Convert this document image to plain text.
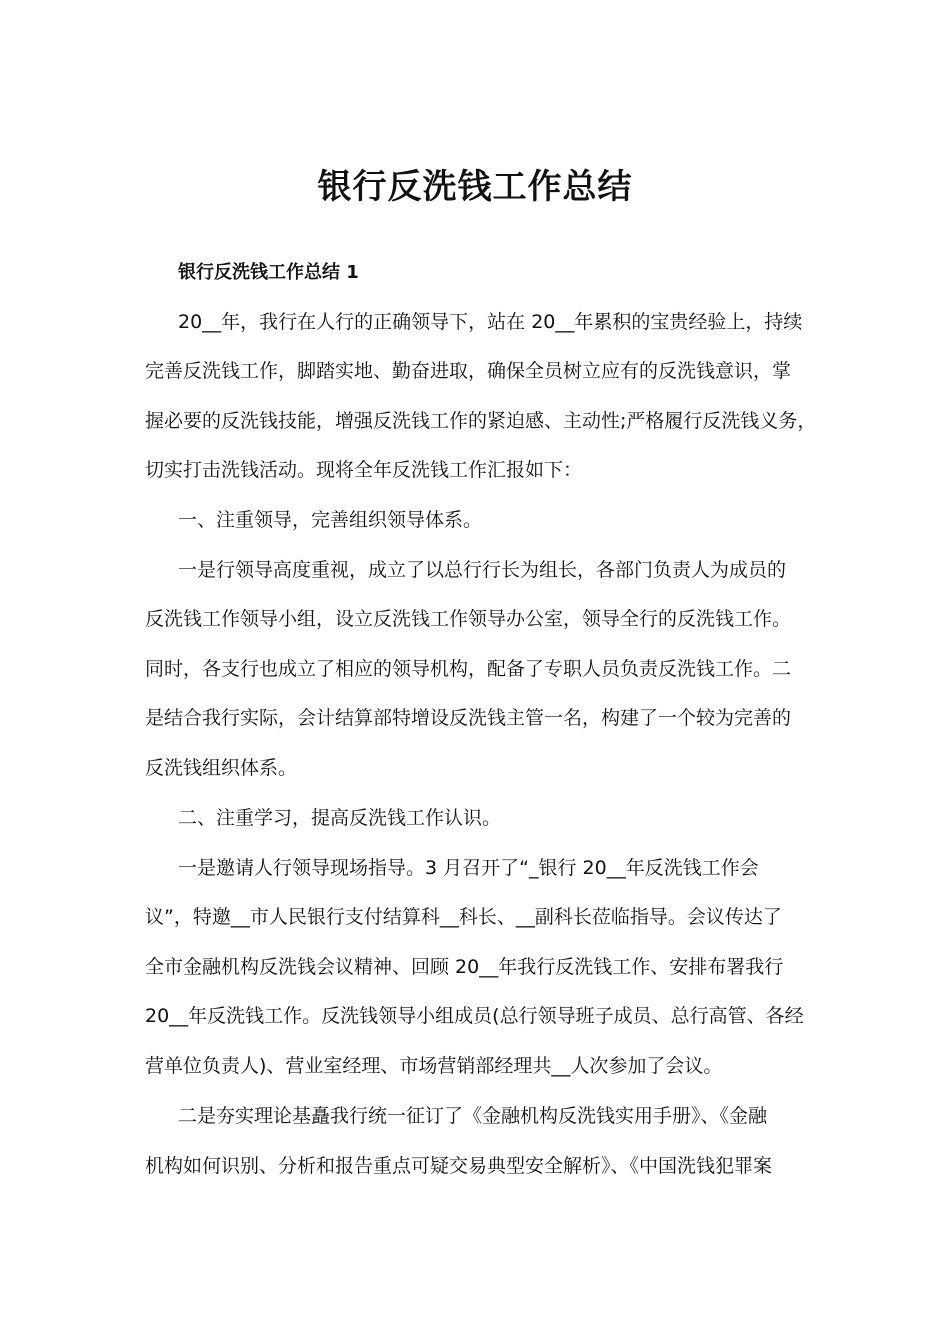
银行反洗钱工作总结
银行反洗钱工作总结 1
20__年，我行在人行的正确领导下，站在 20__年累积的宝贵经验上，持续
完善反洗钱工作，脚踏实地、勤奋进取，确保全员树立应有的反洗钱意识，掌
握必要的反洗钱技能，增强反洗钱工作的紧迫感、主动性;严格履行反洗钱义务，
切实打击洗钱活动。现将全年反洗钱工作汇报如下：
一、注重领导，完善组织领导体系。
一是行领导高度重视，成立了以总行行长为组长，各部门负责人为成员的
反洗钱工作领导小组，设立反洗钱工作领导办公室，领导全行的反洗钱工作。
同时，各支行也成立了相应的领导机构，配备了专职人员负责反洗钱工作。二
是结合我行实际，会计结算部特增设反洗钱主管一名，构建了一个较为完善的
反洗钱组织体系。
二、注重学习，提高反洗钱工作认识。
一是邀请人行领导现场指导。3 月召开了“_银行 20__年反洗钱工作会
议”，特邀__市人民银行支付结算科__科长、__副科长莅临指导。会议传达了
全市金融机构反洗钱会议精神、回顾 20__年我行反洗钱工作、安排布署我行
20__年反洗钱工作。反洗钱领导小组成员(总行领导班子成员、总行高管、各经
营单位负责人)、营业室经理、市场营销部经理共__人次参加了会议。
二是夯实理论基矗我行统一征订了《金融机构反洗钱实用手册》、《金融
机构如何识别、分析和报告重点可疑交易典型安全解析》、《中国洗钱犯罪案
